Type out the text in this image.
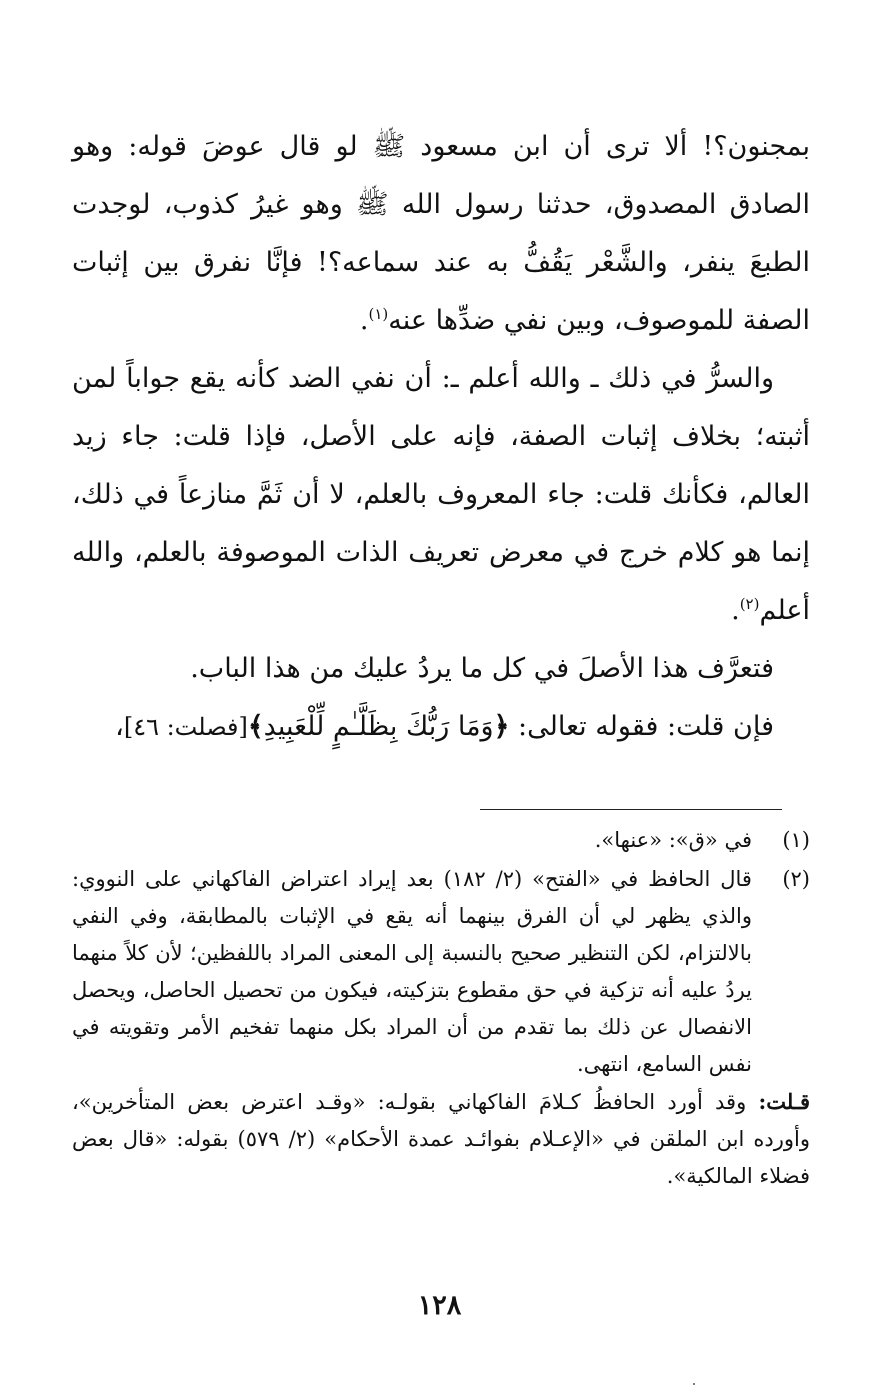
بمجنون؟! ألا ترى أن ابن مسعود ﷺ لو قال عوضَ قوله: وهو الصادق المصدوق، حدثنا رسول الله ﷺ وهو غيرُ كذوب، لوجدت الطبعَ ينفر، والشَّعْر يَقُفُّ به عند سماعه؟! فإنَّا نفرق بين إثبات الصفة للموصوف، وبين نفي ضدِّها عنه$^{(١)}$.

والسرُّ في ذلك ـ والله أعلم ـ: أن نفي الضد كأنه يقع جواباً لمن أثبته؛ بخلاف إثبات الصفة، فإنه على الأصل، فإذا قلت: جاء زيد العالم، فكأنك قلت: جاء المعروف بالعلم، لا أن ثَمَّ منازعاً في ذلك، إنما هو كلام خرج في معرض تعريف الذات الموصوفة بالعلم، والله أعلم$^{(٢)}$.

فتعرَّف هذا الأصلَ في كل ما يردُ عليك من هذا الباب.

فإن قلت: فقوله تعالى: ﴿وَمَا رَبُّكَ بِظَلَّـٰمٍ لِّلْعَبِيدِ﴾[فصلت: ٤٦]،

(١)

في «ق»: «عنها».

(٢)

قال الحافظ في «الفتح» (٢/ ١٨٢) بعد إيراد اعتراض الفاكهاني على النووي: والذي يظهر لي أن الفرق بينهما أنه يقع في الإثبات بالمطابقة، وفي النفي بالالتزام، لكن التنظير صحيح بالنسبة إلى المعنى المراد باللفظين؛ لأن كلاً منهما يردُ عليه أنه تزكية في حق مقطوع بتزكيته، فيكون من تحصيل الحاصل، ويحصل الانفصال عن ذلك بما تقدم من أن المراد بكل منهما تفخيم الأمر وتقويته في نفس السامع، انتهى.

قـلت: وقد أورد الحافظُ كـلامَ الفاكهاني بقولـه: «وقـد اعترض بعض المتأخرين»، وأورده ابن الملقن في «الإعـلام بفوائـد عمدة الأحكام» (٢/ ٥٧٩) بقوله: «قال بعض فضلاء المالكية».

١٢٨
